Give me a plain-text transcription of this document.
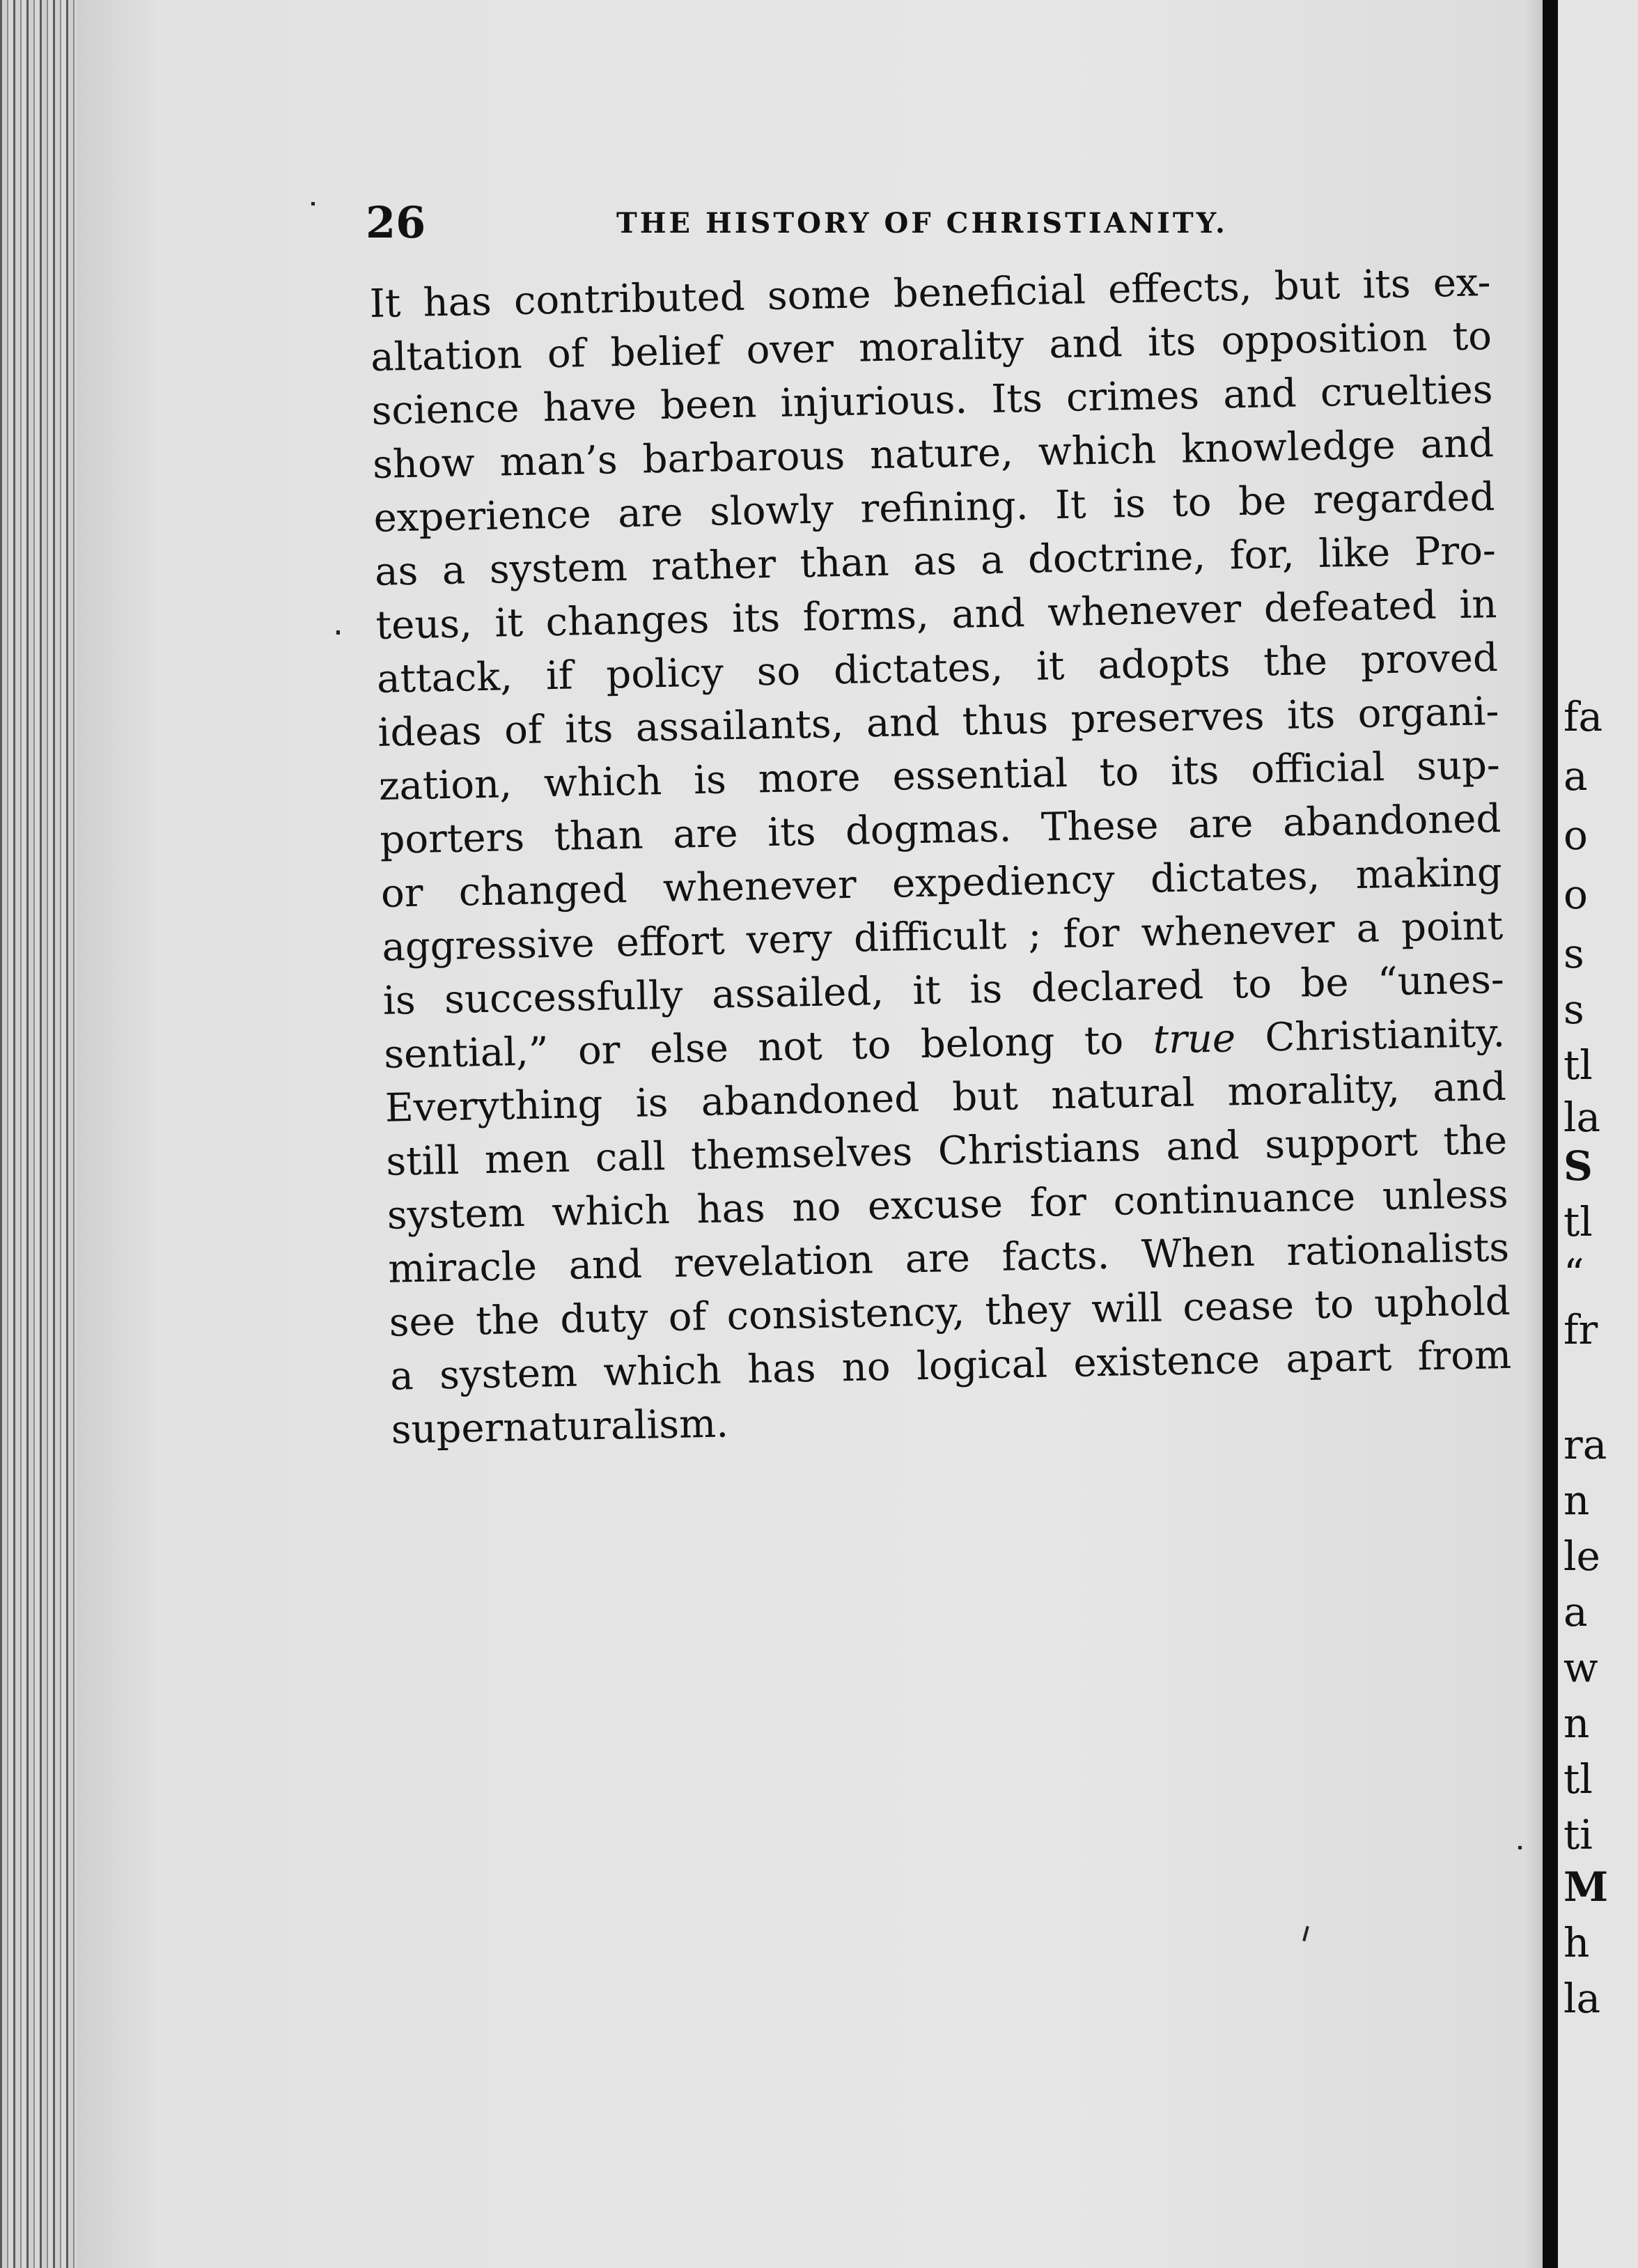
26	THE HISTORY OF CHRISTIANITY.
It has contributed some beneficial effects, but its ex-
altation of belief over morality and its opposition to
science have been injurious. Its crimes and cruelties
show man’s barbarous nature, which knowledge and
experience are slowly refining. It is to be regarded
as a system rather than as a doctrine, for, like Pro-
teus, it changes its forms, and whenever defeated in
attack, if policy so dictates, it adopts the proved
ideas of its assailants, and thus preserves its organi-
zation, which is more essential to its official sup-
porters than are its dogmas. These are abandoned
or changed whenever expediency dictates, making
aggressive effort very difficult ; for whenever a point
is successfully assailed, it is declared to be “unes-
sential,” or else not to belong to true Christianity.
Everything is abandoned but natural morality, and
still men call themselves Christians and support the
system which has no excuse for continuance unless
miracle and revelation are facts. When rationalists
see the duty of consistency, they will cease to uphold
a system which has no logical existence apart from
supernaturalism.
fa
a
o
o
s
s
tl
la
S
tl
“
fr
ra
n
le
a
w
n
tl
ti
M
h
la
